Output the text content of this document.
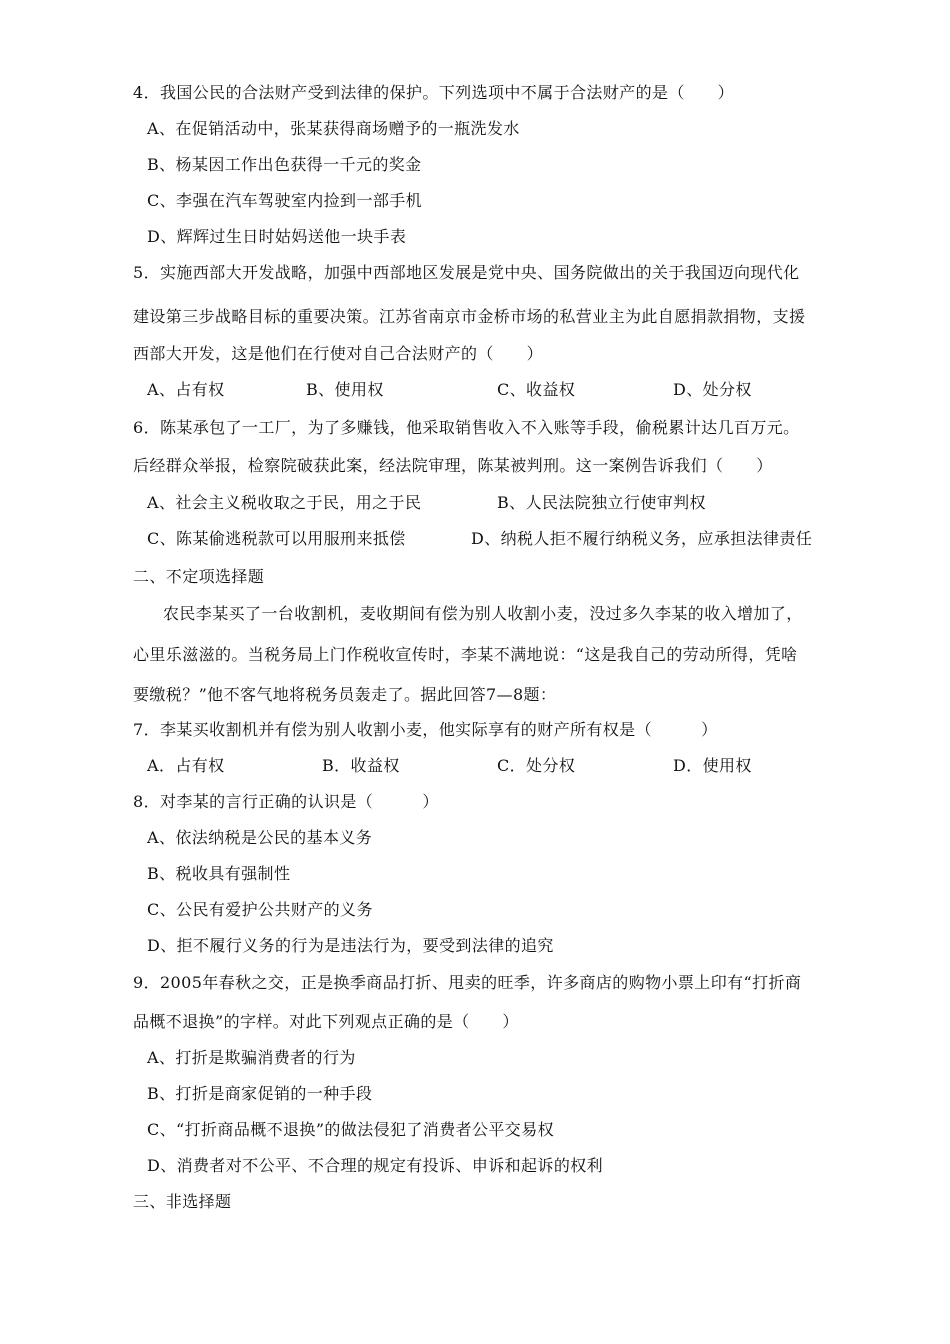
4．我国公民的合法财产受到法律的保护。下列选项中不属于合法财产的是（　　）
A、在促销活动中，张某获得商场赠予的一瓶洗发水
B、杨某因工作出色获得一千元的奖金
C、李强在汽车驾驶室内捡到一部手机
D、辉辉过生日时姑妈送他一块手表
5．实施西部大开发战略，加强中西部地区发展是党中央、国务院做出的关于我国迈向现代化
建设第三步战略目标的重要决策。江苏省南京市金桥市场的私营业主为此自愿捐款捐物，支援
西部大开发，这是他们在行使对自己合法财产的（　　）
A、占有权	B、使用权	C、收益权	D、处分权
6．陈某承包了一工厂，为了多赚钱，他采取销售收入不入账等手段，偷税累计达几百万元。
后经群众举报，检察院破获此案，经法院审理，陈某被判刑。这一案例告诉我们（　　）
A、社会主义税收取之于民，用之于民	B、人民法院独立行使审判权
C、陈某偷逃税款可以用服刑来抵偿	D、纳税人拒不履行纳税义务，应承担法律责任
二、不定项选择题
农民李某买了一台收割机，麦收期间有偿为别人收割小麦，没过多久李某的收入增加了，
心里乐滋滋的。当税务局上门作税收宣传时，李某不满地说：“这是我自己的劳动所得，凭啥
要缴税？”他不客气地将税务员轰走了。据此回答7—8题：
7．李某买收割机并有偿为别人收割小麦，他实际享有的财产所有权是（　　　）
A．占有权	B．收益权	C．处分权	D．使用权
8．对李某的言行正确的认识是（　　　）
A、依法纳税是公民的基本义务
B、税收具有强制性
C、公民有爱护公共财产的义务
D、拒不履行义务的行为是违法行为，要受到法律的追究
9．2005年春秋之交，正是换季商品打折、甩卖的旺季，许多商店的购物小票上印有“打折商
品概不退换”的字样。对此下列观点正确的是（　　）
A、打折是欺骗消费者的行为
B、打折是商家促销的一种手段
C、“打折商品概不退换”的做法侵犯了消费者公平交易权
D、消费者对不公平、不合理的规定有投诉、申诉和起诉的权利
三、非选择题
